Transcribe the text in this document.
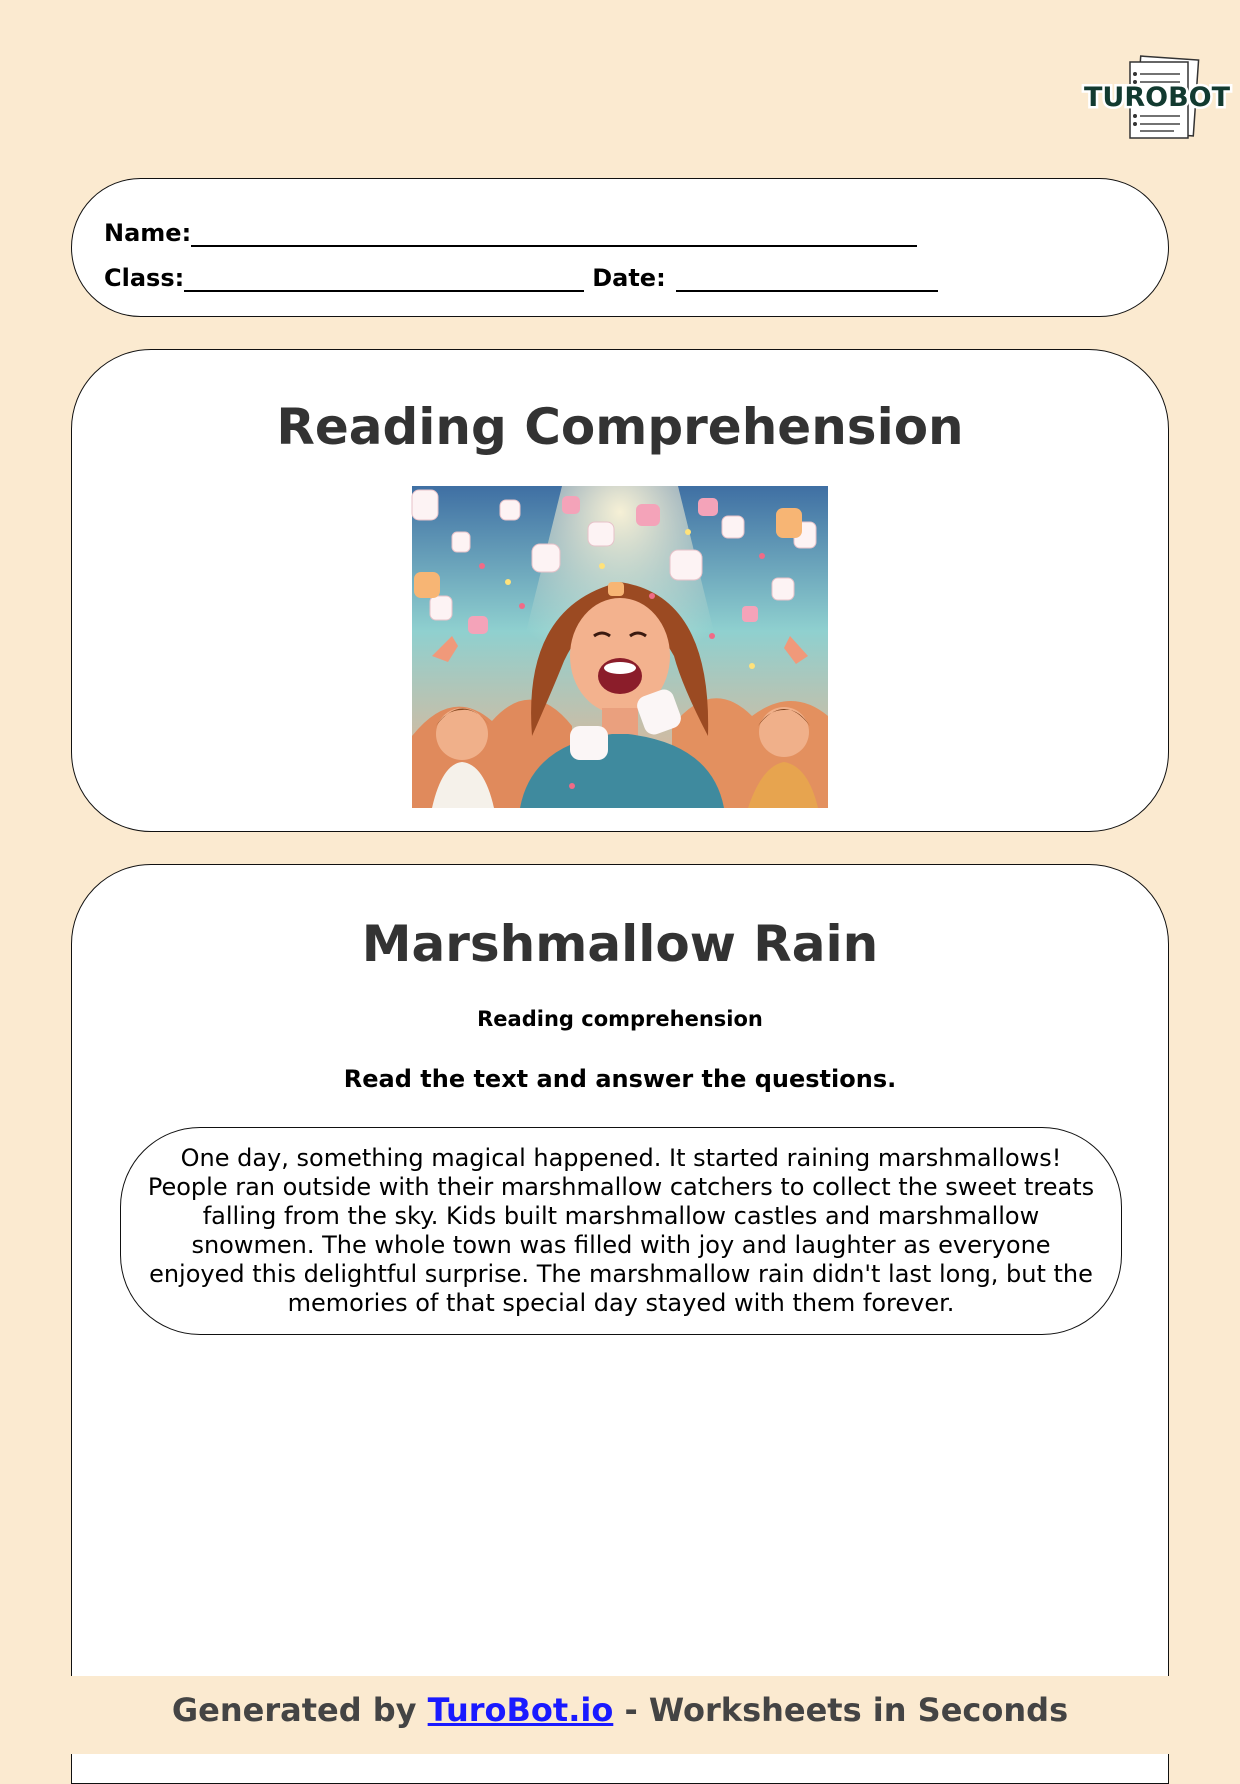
TUROBOT
Name:
Class:	Date:
Reading Comprehension
Marshmallow Rain

Reading comprehension

Read the text and answer the questions.

One day, something magical happened. It started raining marshmallows! People ran outside with their marshmallow catchers to collect the sweet treats falling from the sky. Kids built marshmallow castles and marshmallow snowmen. The whole town was filled with joy and laughter as everyone enjoyed this delightful surprise. The marshmallow rain didn't last long, but the memories of that special day stayed with them forever.
Generated by TuroBot.io - Worksheets in Seconds
